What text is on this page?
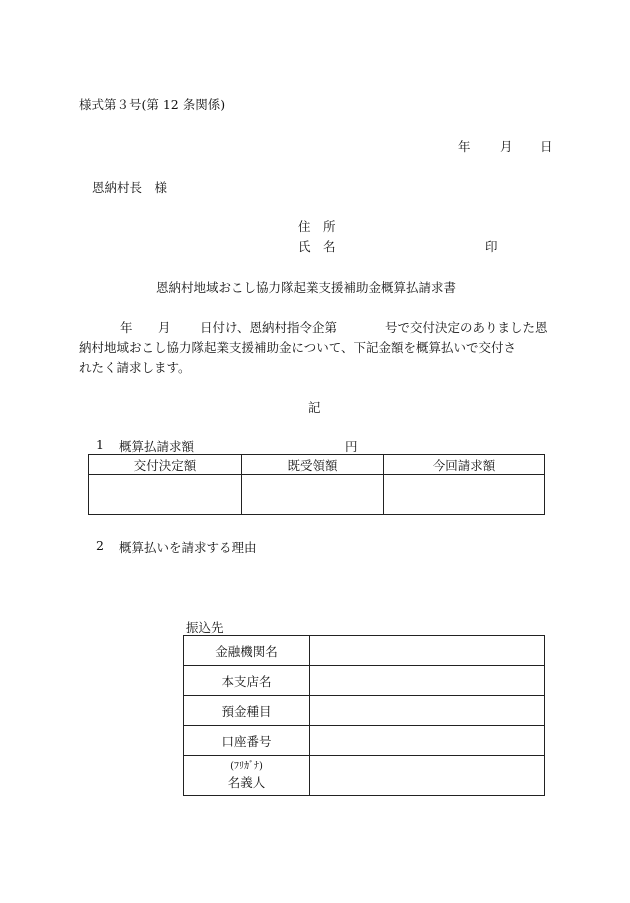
様式第３号(第 12 条関係)
年 月 日
恩納村長　様
住　所
氏　名	印
恩納村地域おこし協力隊起業支援補助金概算払請求書
年 月 日付け、恩納村指令企第	号で交付決定のありました恩
納村地域おこし協力隊起業支援補助金について、下記金額を概算払いで交付さ
れたく請求します。
記
1 概算払請求額	円
交付決定額	既受領額	今回請求額

2 概算払いを請求する理由
振込先
金融機関名	
本支店名	
預金種目	
口座番号	

(ﾌﾘｶﾞﾅ)
名義人	
